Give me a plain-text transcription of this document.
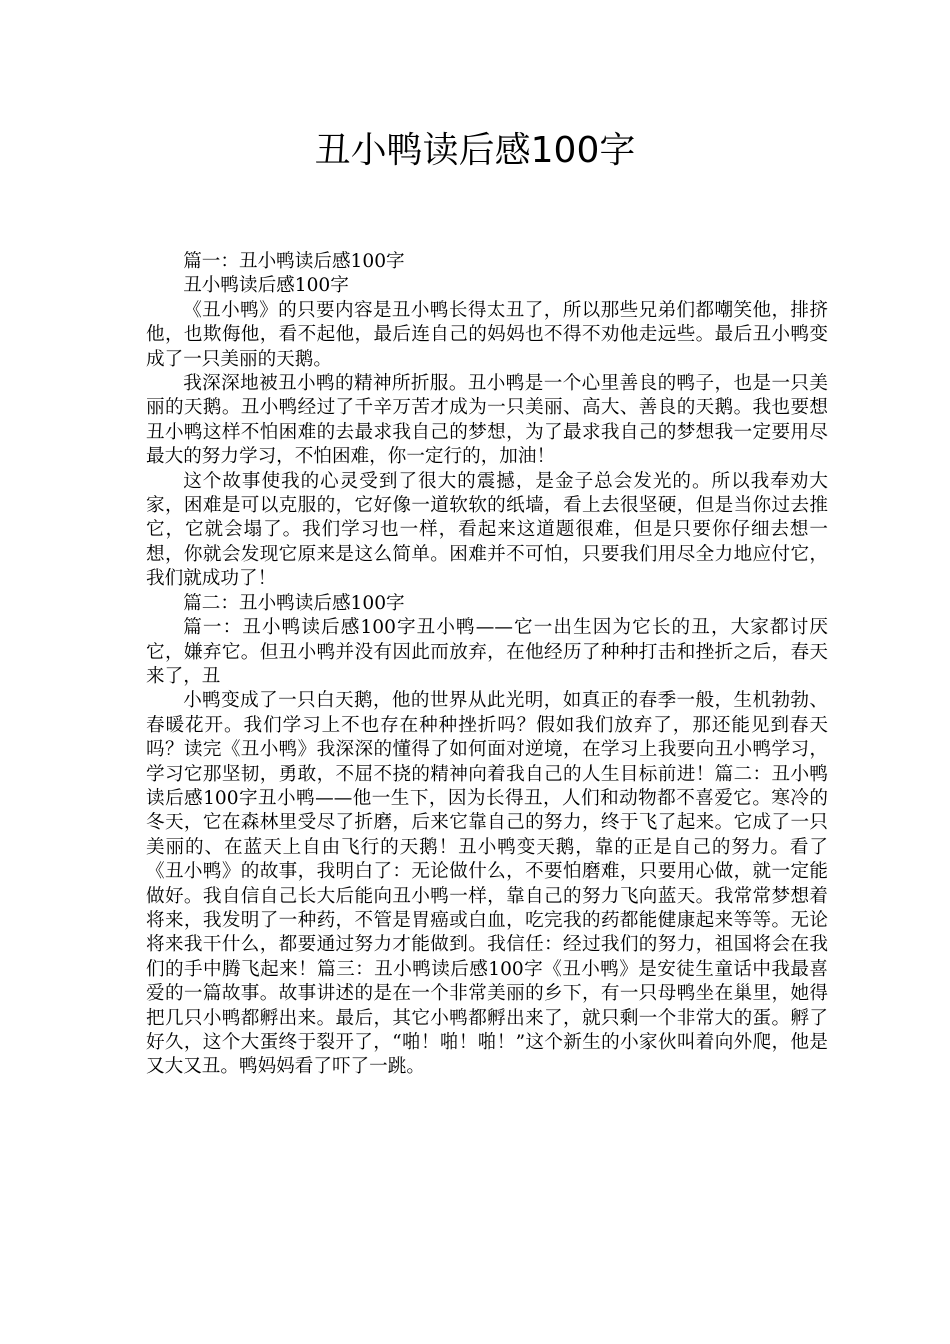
丑小鸭读后感100字

篇一：丑小鸭读后感100字

丑小鸭读后感100字

《丑小鸭》的只要内容是丑小鸭长得太丑了，所以那些兄弟们都嘲笑他，排挤他，也欺侮他，看不起他，最后连自己的妈妈也不得不劝他走远些。最后丑小鸭变成了一只美丽的天鹅。

我深深地被丑小鸭的精神所折服。丑小鸭是一个心里善良的鸭子，也是一只美丽的天鹅。丑小鸭经过了千辛万苦才成为一只美丽、高大、善良的天鹅。我也要想丑小鸭这样不怕困难的去最求我自己的梦想，为了最求我自己的梦想我一定要用尽最大的努力学习，不怕困难，你一定行的，加油！

这个故事使我的心灵受到了很大的震撼，是金子总会发光的。所以我奉劝大家，困难是可以克服的，它好像一道软软的纸墙，看上去很坚硬，但是当你过去推它，它就会塌了。我们学习也一样，看起来这道题很难，但是只要你仔细去想一想，你就会发现它原来是这么简单。困难并不可怕，只要我们用尽全力地应付它，我们就成功了！

篇二：丑小鸭读后感100字

篇一：丑小鸭读后感100字丑小鸭——它一出生因为它长的丑，大家都讨厌它，嫌弃它。但丑小鸭并没有因此而放弃，在他经历了种种打击和挫折之后，春天来了，丑

小鸭变成了一只白天鹅，他的世界从此光明，如真正的春季一般，生机勃勃、春暖花开。我们学习上不也存在种种挫折吗？假如我们放弃了，那还能见到春天吗？读完《丑小鸭》我深深的懂得了如何面对逆境，在学习上我要向丑小鸭学习，学习它那坚韧，勇敢，不屈不挠的精神向着我自己的人生目标前进！篇二：丑小鸭读后感100字丑小鸭——他一生下，因为长得丑，人们和动物都不喜爱它。寒冷的冬天，它在森林里受尽了折磨，后来它靠自己的努力，终于飞了起来。它成了一只美丽的、在蓝天上自由飞行的天鹅！丑小鸭变天鹅，靠的正是自己的努力。看了《丑小鸭》的故事，我明白了：无论做什么，不要怕磨难，只要用心做，就一定能做好。我自信自己长大后能向丑小鸭一样，靠自己的努力飞向蓝天。我常常梦想着将来，我发明了一种药，不管是胃癌或白血，吃完我的药都能健康起来等等。无论将来我干什么，都要通过努力才能做到。我信任：经过我们的努力，祖国将会在我们的手中腾飞起来！篇三：丑小鸭读后感100字《丑小鸭》是安徒生童话中我最喜爱的一篇故事。故事讲述的是在一个非常美丽的乡下，有一只母鸭坐在巢里，她得把几只小鸭都孵出来。最后，其它小鸭都孵出来了，就只剩一个非常大的蛋。孵了好久，这个大蛋终于裂开了，“啪！啪！啪！”这个新生的小家伙叫着向外爬，他是又大又丑。鸭妈妈看了吓了一跳。
